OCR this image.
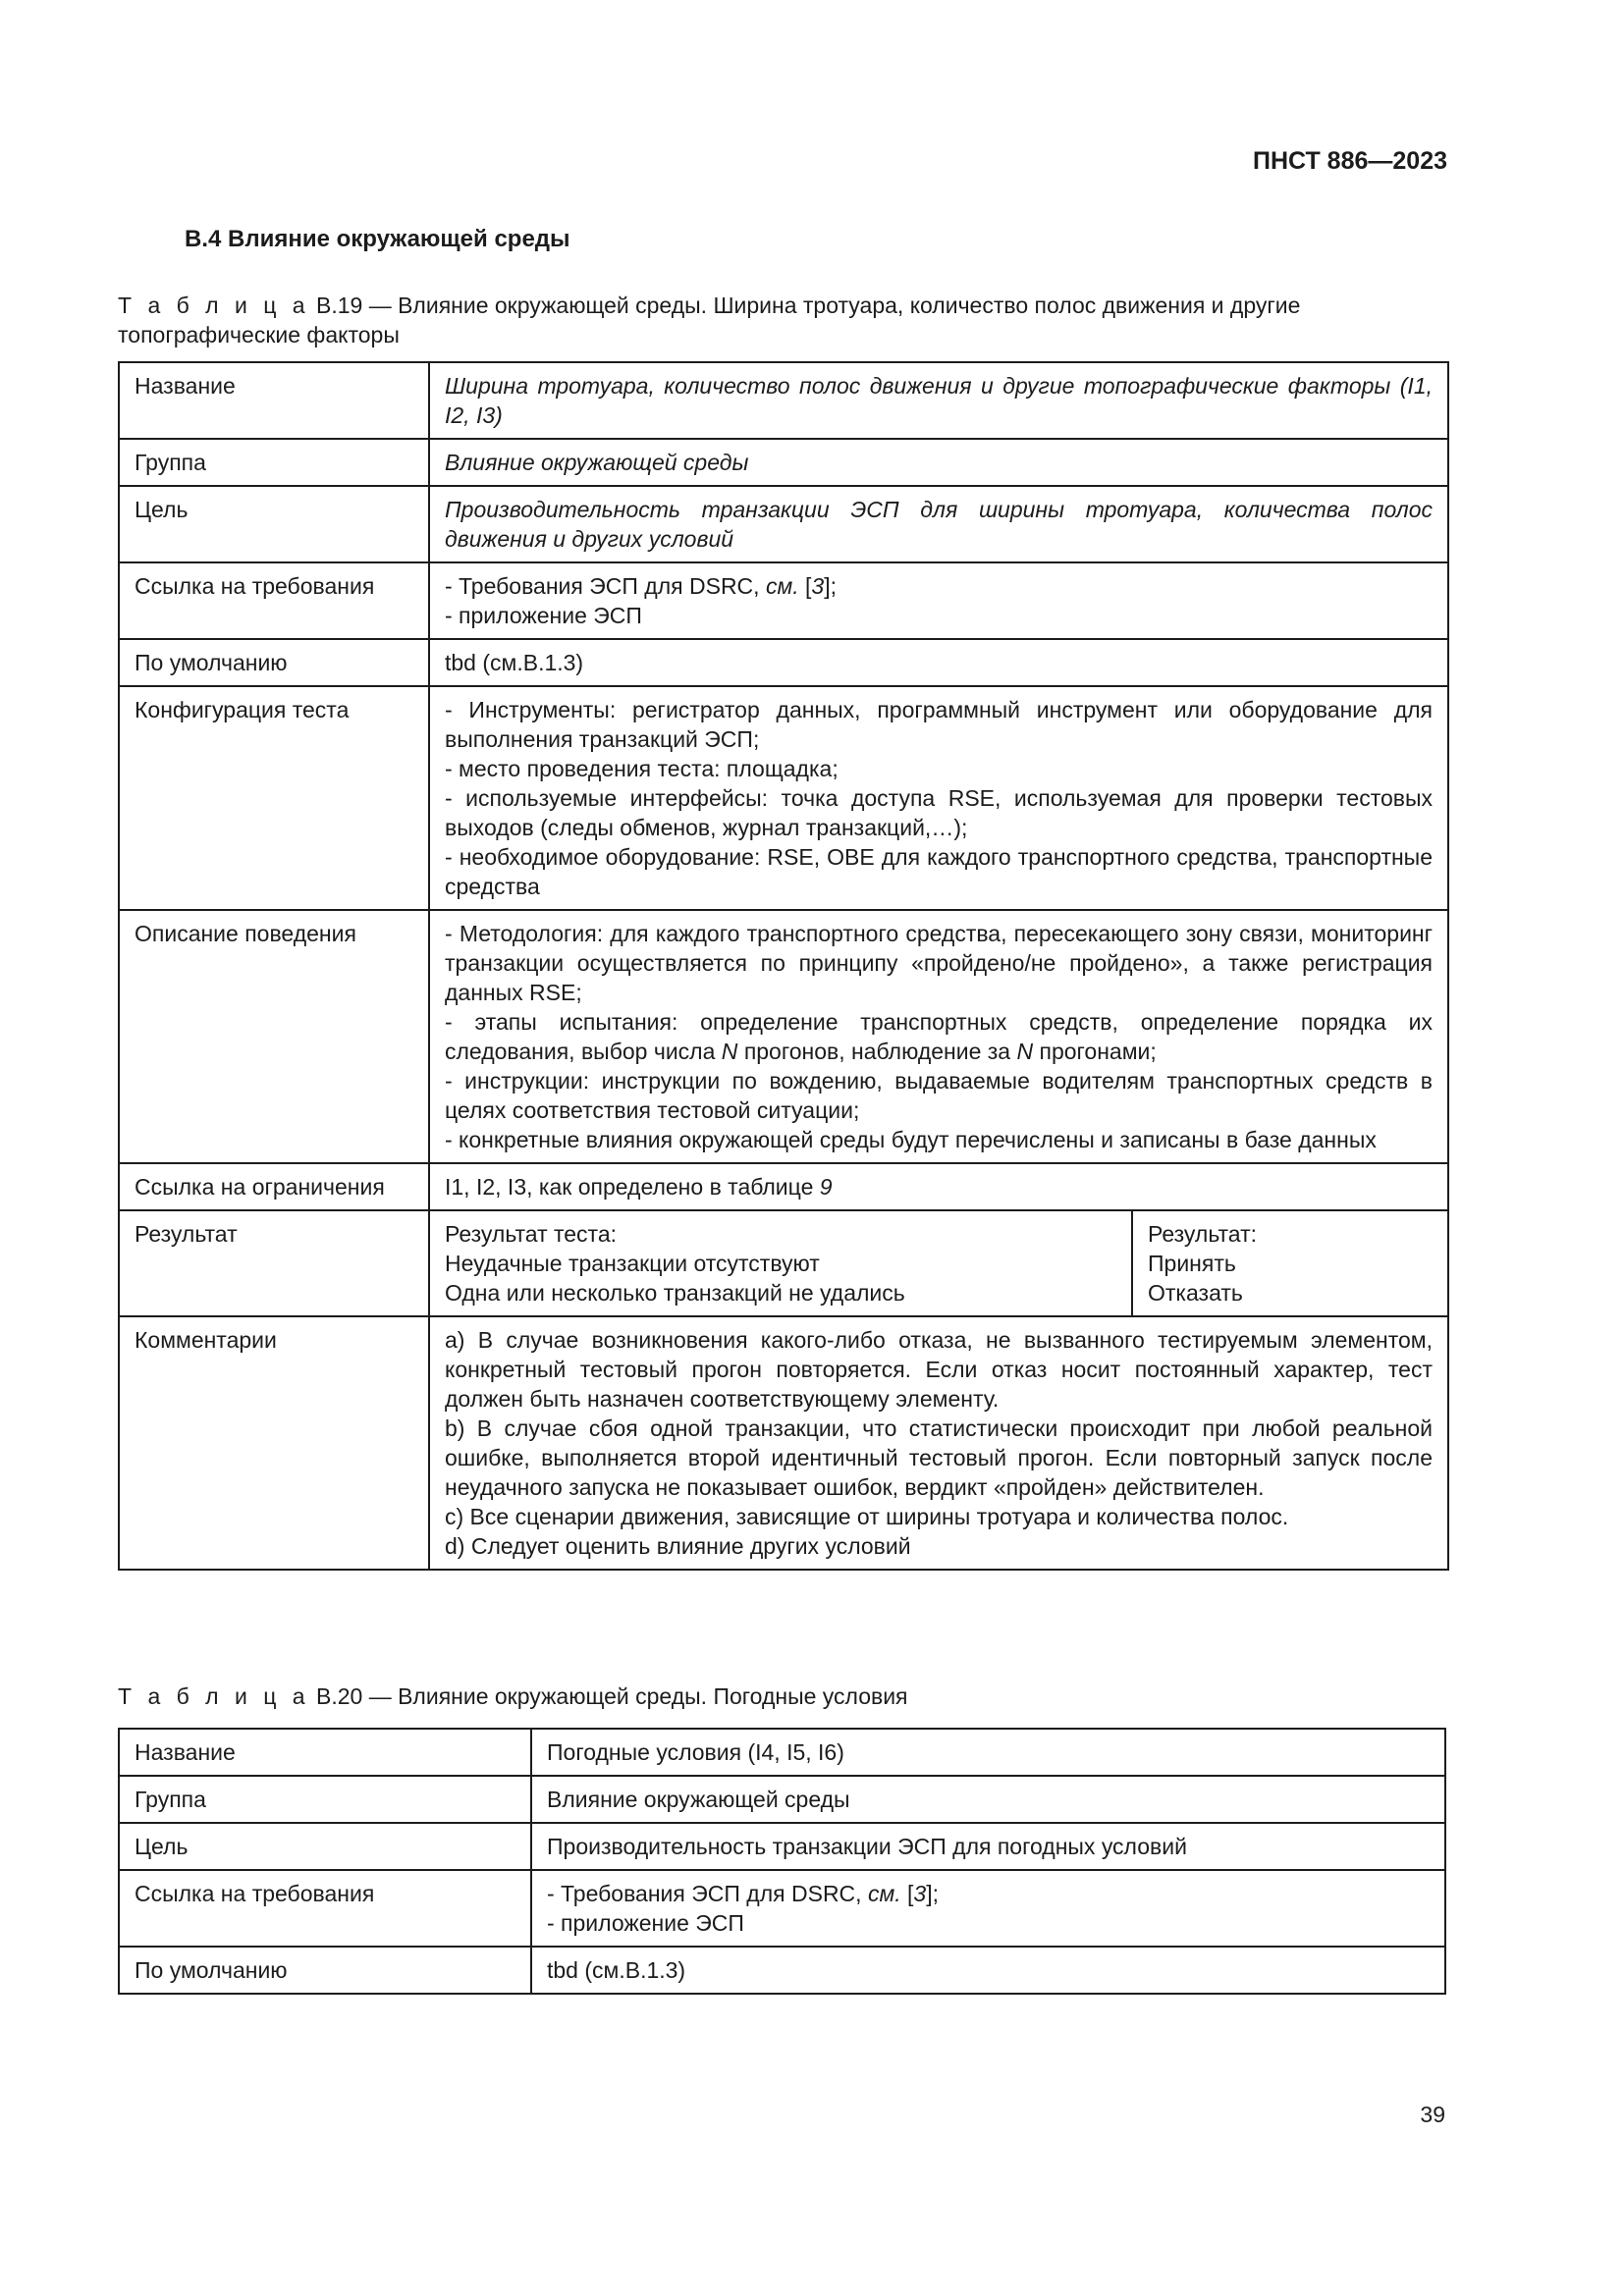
ПНСТ 886—2023
В.4 Влияние окружающей среды
Т а б л и ц а В.19 — Влияние окружающей среды. Ширина тротуара, количество полос движения и другие топографические факторы
Название	Ширина тротуара, количество полос движения и другие топографические факторы (I1, I2, I3)	
Группа	Влияние окружающей среды	
Цель	Производительность транзакции ЭСП для ширины тротуара, количества полос движения и других условий	
Ссылка на требования	- Требования ЭСП для DSRC, см. [3];
- приложение ЭСП	

По умолчанию	tbd (см.В.1.3)	
Конфигурация теста	- Инструменты: регистратор данных, программный инструмент или оборудование для выполнения транзакций ЭСП;
- место проведения теста: площадка;
- используемые интерфейсы: точка доступа RSE, используемая для проверки тестовых выходов (следы обменов, журнал транзакций,…);
- необходимое оборудование: RSE, OBE для каждого транспортного средства, транспортные средства	

Описание поведения	- Методология: для каждого транспортного средства, пересекающего зону связи, мониторинг транзакции осуществляется по принципу «пройдено/не пройдено», а также регистрация данных RSE;
- этапы испытания: определение транспортных средств, определение порядка их следования, выбор числа N прогонов, наблюдение за N прогонами;
- инструкции: инструкции по вождению, выдаваемые водителям транспортных средств в целях соответствия тестовой ситуации;
- конкретные влияния окружающей среды будут перечислены и записаны в базе данных	

Ссылка на ограничения	I1, I2, I3, как определено в таблице 9	
Результат	Результат теста:
Неудачные транзакции отсутствуют
Одна или несколько транзакций не удались	Результат:
Принять
Отказать

Комментарии	a) В случае возникновения какого-либо отказа, не вызванного тестируемым элементом, конкретный тестовый прогон повторяется. Если отказ носит постоянный характер, тест должен быть назначен соответствующему элементу.
b) В случае сбоя одной транзакции, что статистически происходит при любой реальной ошибке, выполняется второй идентичный тестовый прогон. Если повторный запуск после неудачного запуска не показывает ошибок, вердикт «пройден» действителен.
c) Все сценарии движения, зависящие от ширины тротуара и количества полос.
d) Следует оценить влияние других условий	
Т а б л и ц а В.20 — Влияние окружающей среды. Погодные условия
Название	Погодные условия (I4, I5, I6)
Группа	Влияние окружающей среды
Цель	Производительность транзакции ЭСП для погодных условий
Ссылка на требования	- Требования ЭСП для DSRC, см. [3];
- приложение ЭСП

По умолчанию	tbd (см.В.1.3)
39
